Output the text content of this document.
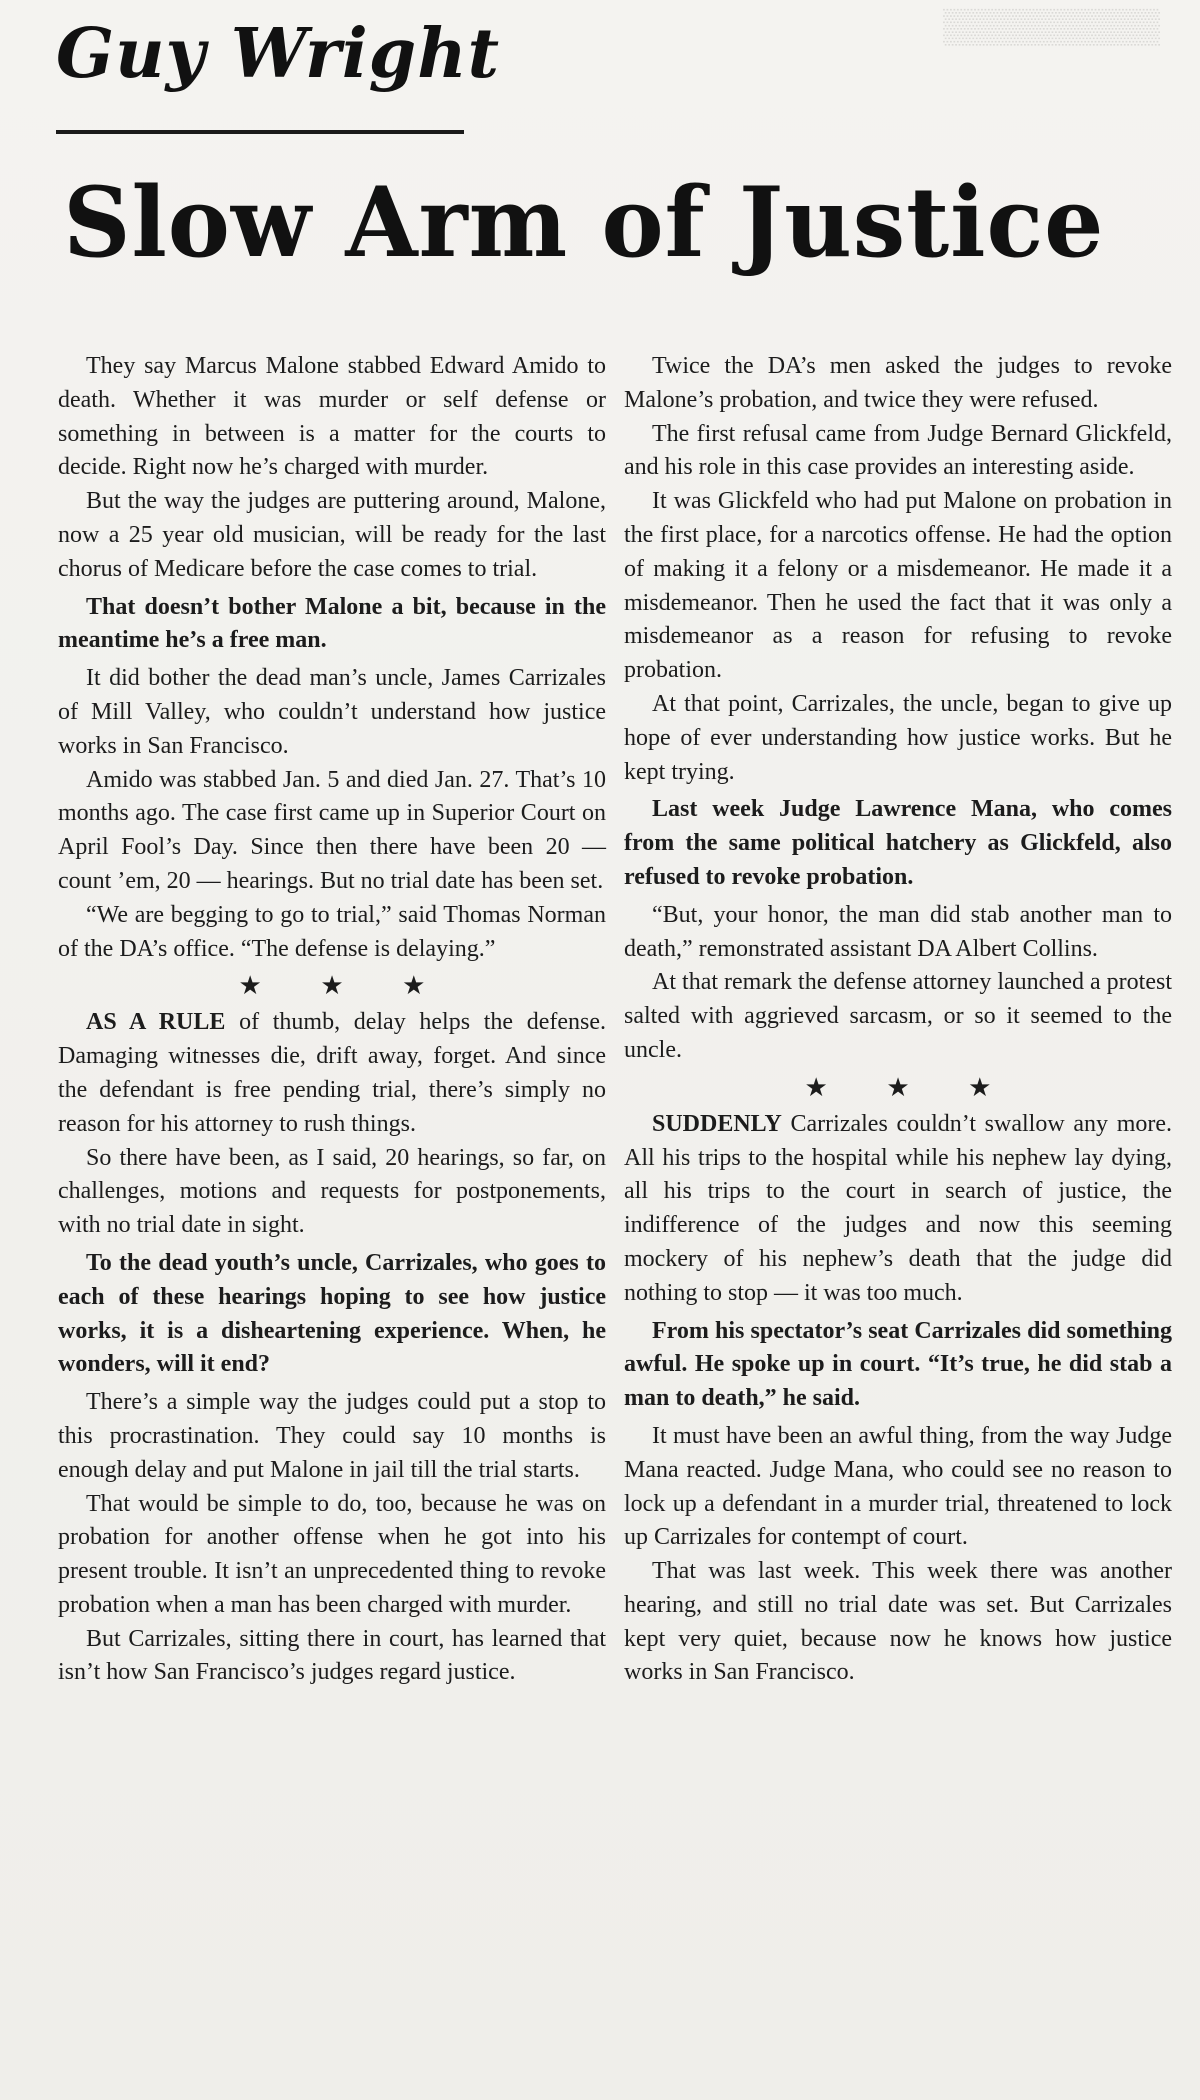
▒▒▒▒▒▒▒▒▒
Guy Wright
Slow Arm of Justice

They say Marcus Malone stabbed Edward Amido to death. Whether it was murder or self defense or something in between is a matter for the courts to decide. Right now he’s charged with murder.

But the way the judges are puttering around, Malone, now a 25 year old musician, will be ready for the last chorus of Medicare before the case comes to trial.

That doesn’t bother Malone a bit, because in the meantime he’s a free man.

It did bother the dead man’s uncle, James Carrizales of Mill Valley, who couldn’t understand how justice works in San Francisco.

Amido was stabbed Jan. 5 and died Jan. 27. That’s 10 months ago. The case first came up in Superior Court on April Fool’s Day. Since then there have been 20 — count ’em, 20 — hearings. But no trial date has been set.

“We are begging to go to trial,” said Thomas Norman of the DA’s office. “The defense is delaying.”

★ ★ ★

AS A RULE of thumb, delay helps the defense. Damaging witnesses die, drift away, forget. And since the defendant is free pending trial, there’s simply no reason for his attorney to rush things.

So there have been, as I said, 20 hearings, so far, on challenges, motions and requests for postponements, with no trial date in sight.

To the dead youth’s uncle, Carrizales, who goes to each of these hearings hoping to see how justice works, it is a disheartening experience. When, he wonders, will it end?

There’s a simple way the judges could put a stop to this procrastination. They could say 10 months is enough delay and put Malone in jail till the trial starts.

That would be simple to do, too, because he was on probation for another offense when he got into his present trouble. It isn’t an unprecedented thing to revoke probation when a man has been charged with murder.

But Carrizales, sitting there in court, has learned that isn’t how San Francisco’s judges regard justice.

Twice the DA’s men asked the judges to revoke Malone’s probation, and twice they were refused.

The first refusal came from Judge Bernard Glickfeld, and his role in this case provides an interesting aside.

It was Glickfeld who had put Malone on probation in the first place, for a narcotics offense. He had the option of making it a felony or a misdemeanor. He made it a misdemeanor. Then he used the fact that it was only a misdemeanor as a reason for refusing to revoke probation.

At that point, Carrizales, the uncle, began to give up hope of ever understanding how justice works. But he kept trying.

Last week Judge Lawrence Mana, who comes from the same political hatchery as Glickfeld, also refused to revoke probation.

“But, your honor, the man did stab another man to death,” remonstrated assistant DA Albert Collins.

At that remark the defense attorney launched a protest salted with aggrieved sarcasm, or so it seemed to the uncle.

★ ★ ★

SUDDENLY Carrizales couldn’t swallow any more. All his trips to the hospital while his nephew lay dying, all his trips to the court in search of justice, the indifference of the judges and now this seeming mockery of his nephew’s death that the judge did nothing to stop — it was too much.

From his spectator’s seat Carrizales did something awful. He spoke up in court. “It’s true, he did stab a man to death,” he said.

It must have been an awful thing, from the way Judge Mana reacted. Judge Mana, who could see no reason to lock up a defendant in a murder trial, threatened to lock up Carrizales for contempt of court.

That was last week. This week there was another hearing, and still no trial date was set. But Carrizales kept very quiet, because now he knows how justice works in San Francisco.
